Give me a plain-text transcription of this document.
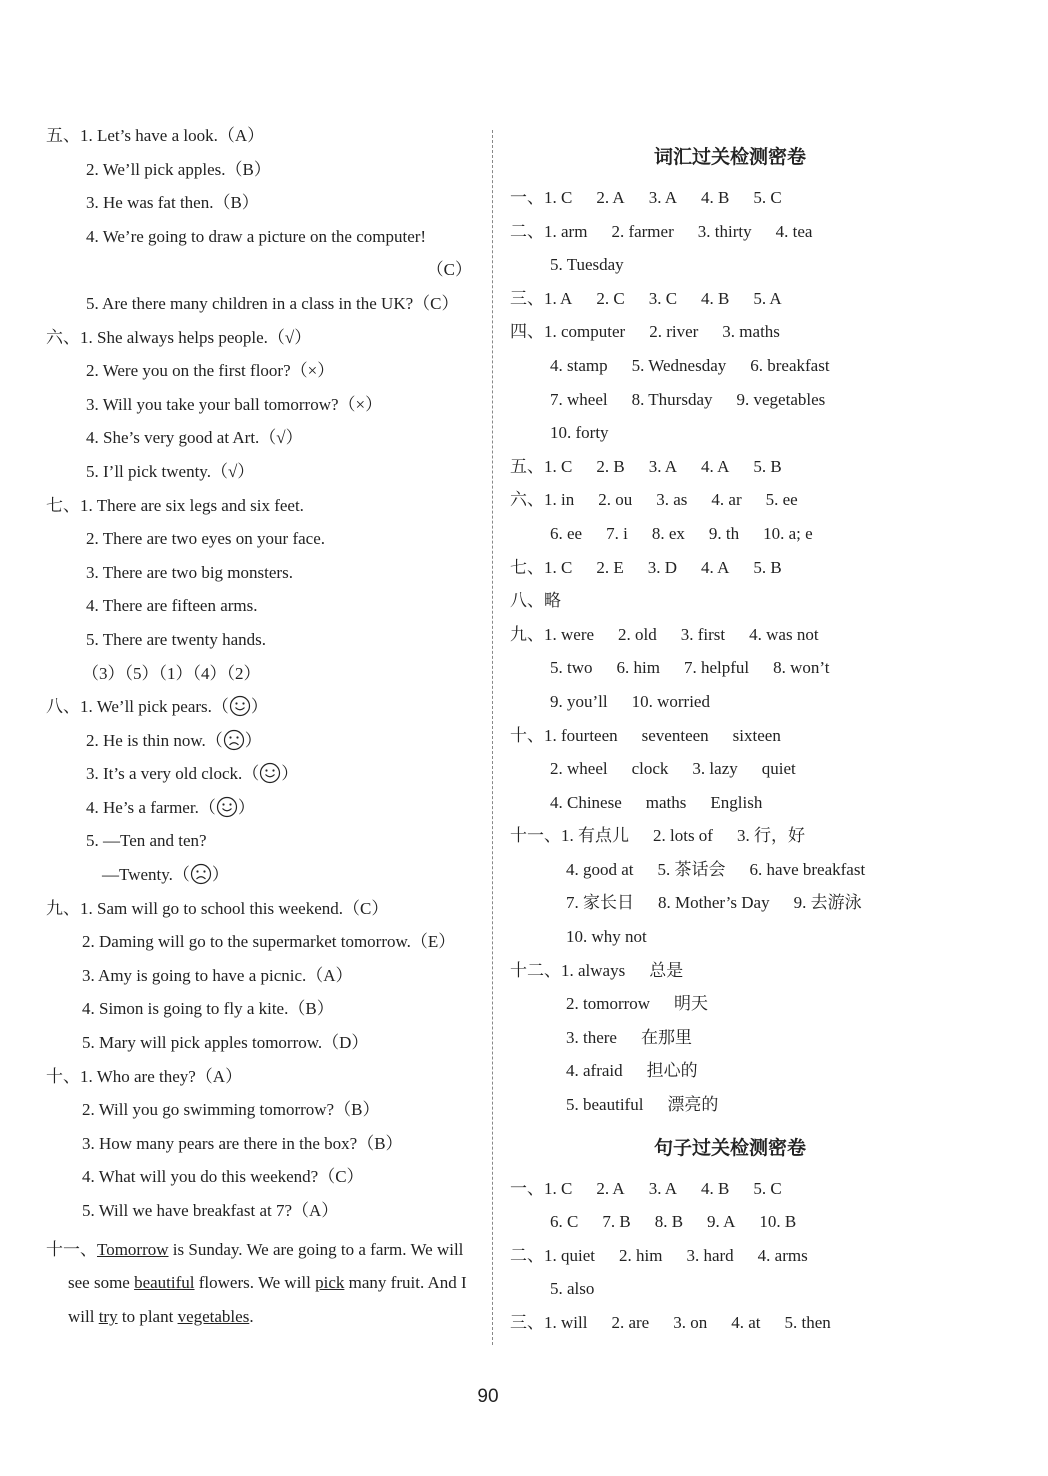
五、1. Let’s have a look.（A）
2. We’ll pick apples.（B）
3. He was fat then.（B）
4. We’re going to draw a picture on the computer!
（C）
5. Are there many children in a class in the UK?（C）
六、1. She always helps people.（√）
2. Were you on the first floor?（×）
3. Will you take your ball tomorrow?（×）
4. She’s very good at Art.（√）
5. I’ll pick twenty.（√）
七、1. There are six legs and six feet.
2. There are two eyes on your face.
3. There are two big monsters.
4. There are fifteen arms.
5. There are twenty hands.
（3）（5）（1）（4）（2）
八、1. We’ll pick pears.（ ）
2. He is thin now.（ ）
3. It’s a very old clock.（ ）
4. He’s a farmer.（ ）
5. —Ten and ten?
—Twenty.（ ）
九、1. Sam will go to school this weekend.（C）
2. Daming will go to the supermarket tomorrow.（E）
3. Amy is going to have a picnic.（A）
4. Simon is going to fly a kite.（B）
5. Mary will pick apples tomorrow.（D）
十、1. Who are they?（A）
2. Will you go swimming tomorrow?（B）
3. How many pears are there in the box?（B）
4. What will you do this weekend?（C）
5. Will we have breakfast at 7?（A）
十一、Tomorrow is Sunday. We are going to a farm. We will see some beautiful flowers. We will pick many fruit. And I will try to plant vegetables.
词汇过关检测密卷
一、1. C 2. A 3. A 4. B 5. C
二、1. arm 2. farmer 3. thirty 4. tea
5. Tuesday
三、1. A 2. C 3. C 4. B 5. A
四、1. computer 2. river 3. maths
4. stamp 5. Wednesday 6. breakfast
7. wheel 8. Thursday 9. vegetables
10. forty
五、1. C 2. B 3. A 4. A 5. B
六、1. in 2. ou 3. as 4. ar 5. ee
6. ee 7. i 8. ex 9. th 10. a; e
七、1. C 2. E 3. D 4. A 5. B
八、略
九、1. were 2. old 3. first 4. was not
5. two 6. him 7. helpful 8. won’t
9. you’ll 10. worried
十、1. fourteen seventeen sixteen
2. wheel clock 3. lazy quiet
4. Chinese maths English
十一、1. 有点儿 2. lots of 3. 行，好
4. good at 5. 茶话会 6. have breakfast
7. 家长日 8. Mother’s Day 9. 去游泳
10. why not
十二、1. always 总是
2. tomorrow 明天
3. there 在那里
4. afraid 担心的
5. beautiful 漂亮的
句子过关检测密卷
一、1. C 2. A 3. A 4. B 5. C
6. C 7. B 8. B 9. A 10. B
二、1. quiet 2. him 3. hard 4. arms
5. also
三、1. will 2. are 3. on 4. at 5. then
90
